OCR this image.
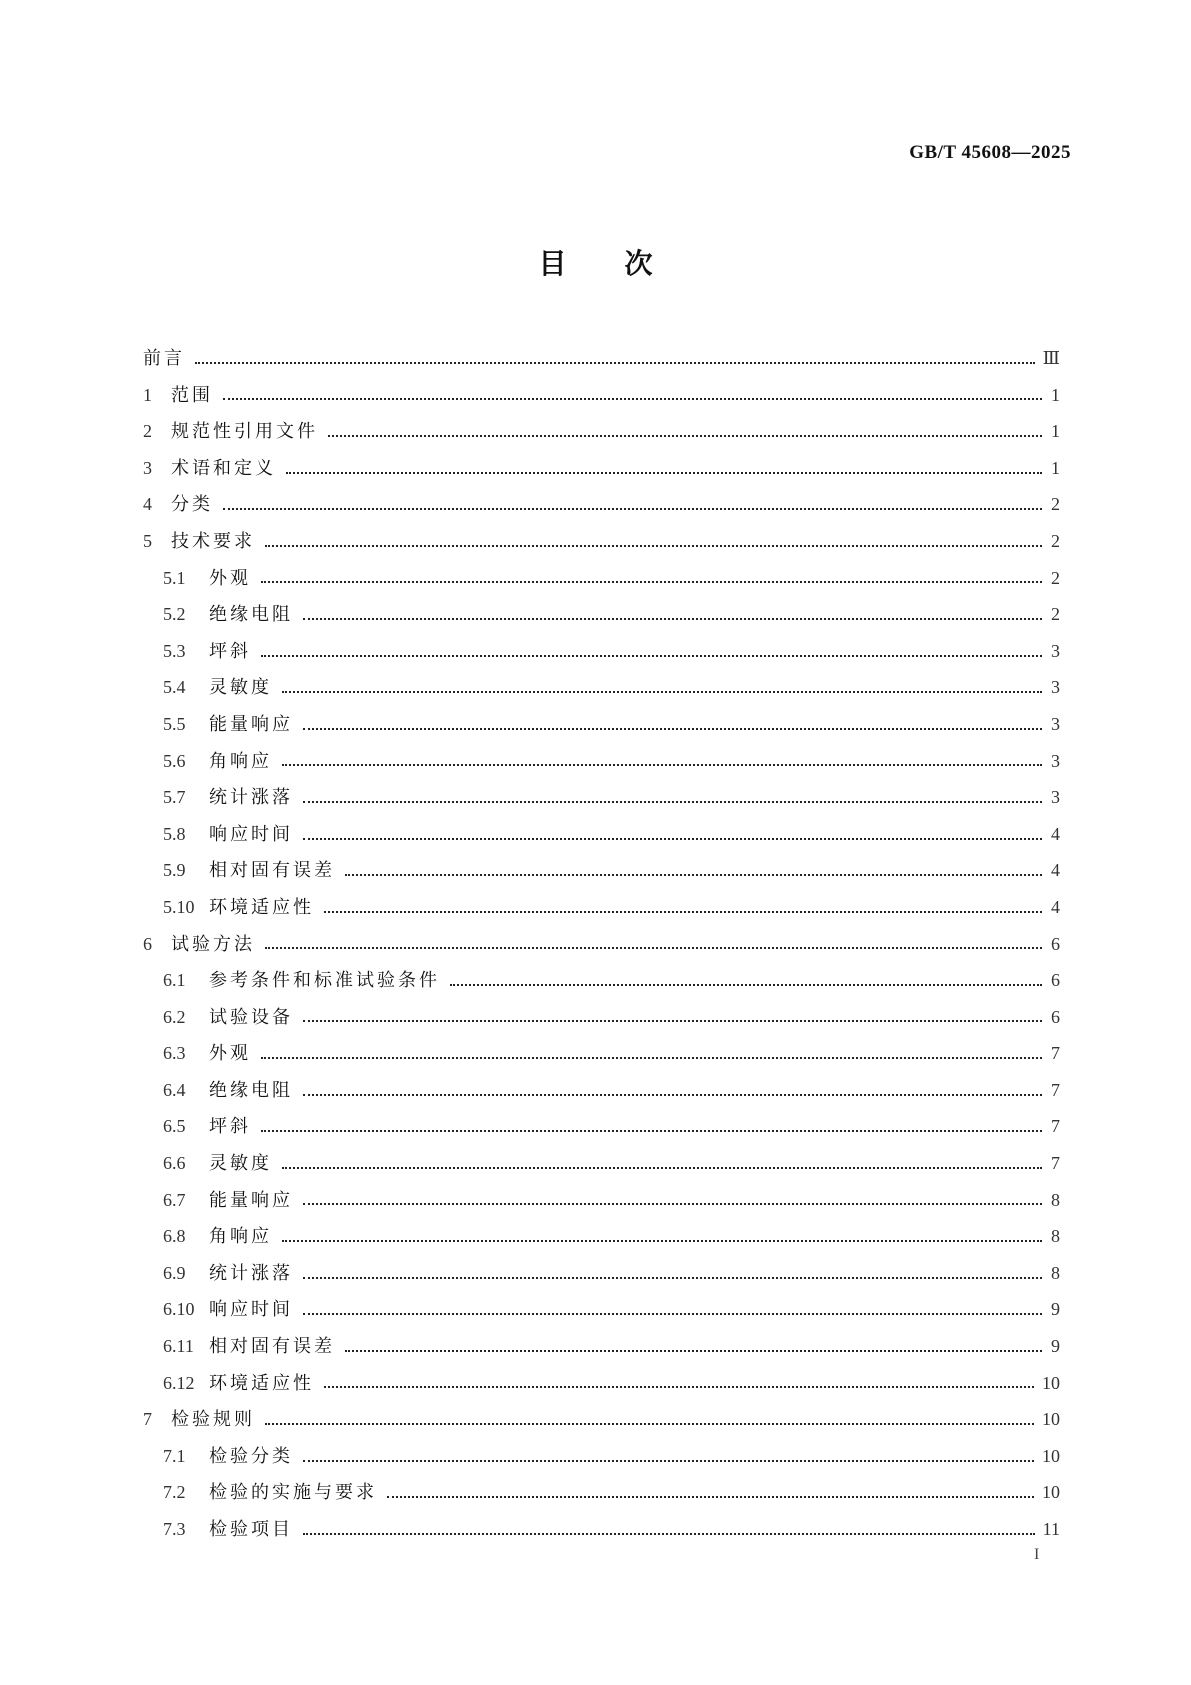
GB/T 45608—2025
目次
前言	Ⅲ
1	范围	1
2	规范性引用文件	1
3	术语和定义	1
4	分类	2
5	技术要求	2
5.1	外观	2
5.2	绝缘电阻	2
5.3	坪斜	3
5.4	灵敏度	3
5.5	能量响应	3
5.6	角响应	3
5.7	统计涨落	3
5.8	响应时间	4
5.9	相对固有误差	4
5.10 环境适应性	4
6	试验方法	6
6.1	参考条件和标准试验条件	6
6.2	试验设备	6
6.3	外观	7
6.4	绝缘电阻	7
6.5	坪斜	7
6.6	灵敏度	7
6.7	能量响应	8
6.8	角响应	8
6.9	统计涨落	8
6.10 响应时间	9
6.11 相对固有误差	9
6.12 环境适应性	10
7	检验规则	10
7.1	检验分类	10
7.2	检验的实施与要求	10
7.3	检验项目	11
I
